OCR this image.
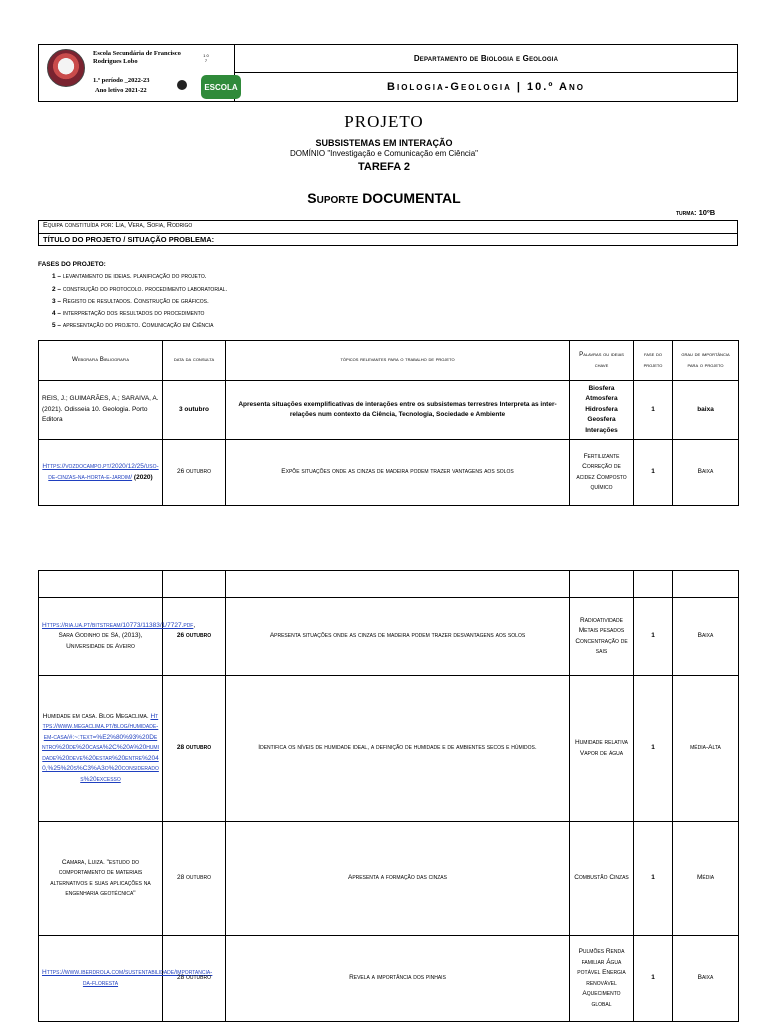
Escola Secundária de Francisco Rodrigues Lobo
1 0 7
1.º período _2022-23
Ano letivo 2021-22	ESCOLA
Departamento de Biologia e Geologia
Biologia-Geologia | 10.º Ano
PROJETO
SUBSISTEMAS EM INTERAÇÃO
DOMÍNIO "Investigação e Comunicação em Ciência"
TAREFA 2
Suporte DOCUMENTAL
turma: 10ºB
Equipa constituída por: Lia, Vera, Sofia, Rodrigo
TÍTULO DO PROJETO / SITUAÇÃO PROBLEMA:
FASES DO PROJETO:
1 – levantamento de ideias. planificação do projeto.
2 – construção do protocolo. procedimento laboratorial.
3 – Registo de resultados. Construção de gráficos.
4 – interpretação dos resultados do procedimento
5 – apresentação do projeto. Comunicação em Ciência
Webgrafia Bibliografia	data da consulta	tópicos relevantes para o trabalho de projeto	Palavras ou ideias chave	fase do projeto	grau de importância para o projeto
REIS, J.; GUIMARÃES, A.; SARAIVA, A. (2021). Odisseia 10. Geologia. Porto Editora	3 outubro	Apresenta situações exemplificativas de interações entre os subsistemas terrestres Interpreta as inter-relações num contexto da Ciência, Tecnologia, Sociedade e Ambiente	Biosfera Atmosfera Hidrosfera Geosfera Interações	1	baixa
Https://vozdocampo.pt/2020/12/25/uso-de-cinzas-na-horta-e-jardim/ (2020)	26 outubro	Expõe situações onde as cinzas de madeira podem trazer vantagens aos solos	Fertilizante Correção de acidez Composto químico	1	Baixa

Https://ria.ua.pt/bitstream/10773/11383/1/7727.pdf, Sara Godinho de Sá, (2013), Universidade de Aveiro	26 outubro	Apresenta situações onde as cinzas de madeira podem trazer desvantagens aos solos	Radioatividade Metais pesados Concentração de sais	1	Baixa
Humidade em casa. Blog Megaclima. Https://www.megaclima.pt/blog/humidade-em-casa/#:~:text=%E2%80%93%20Dentro%20de%20casa%2C%20a%20humidade%20deve%20estar%20entre%2040,%25%20s%C3%A3o%20considerados%20excesso	28 outubro	Identifica os níveis de humidade ideal, a definição de humidade e de ambientes secos e húmidos.	Humidade relativa Vapor de água	1	média-Alta
Camara, Luiza. "estudo do comportamento de materiais alternativos e suas aplicações na engenharia geotécnica"	28 outubro	Apresenta a formação das cinzas	Combustão Cinzas	1	Média
Https://www.iberdrola.com/sustentabilidade/importancia-da-floresta	28 outubro	Revela a importância dos pinhais	Pulmões Renda familiar Água potável Energia renovável Aquecimento global	1	Baixa
